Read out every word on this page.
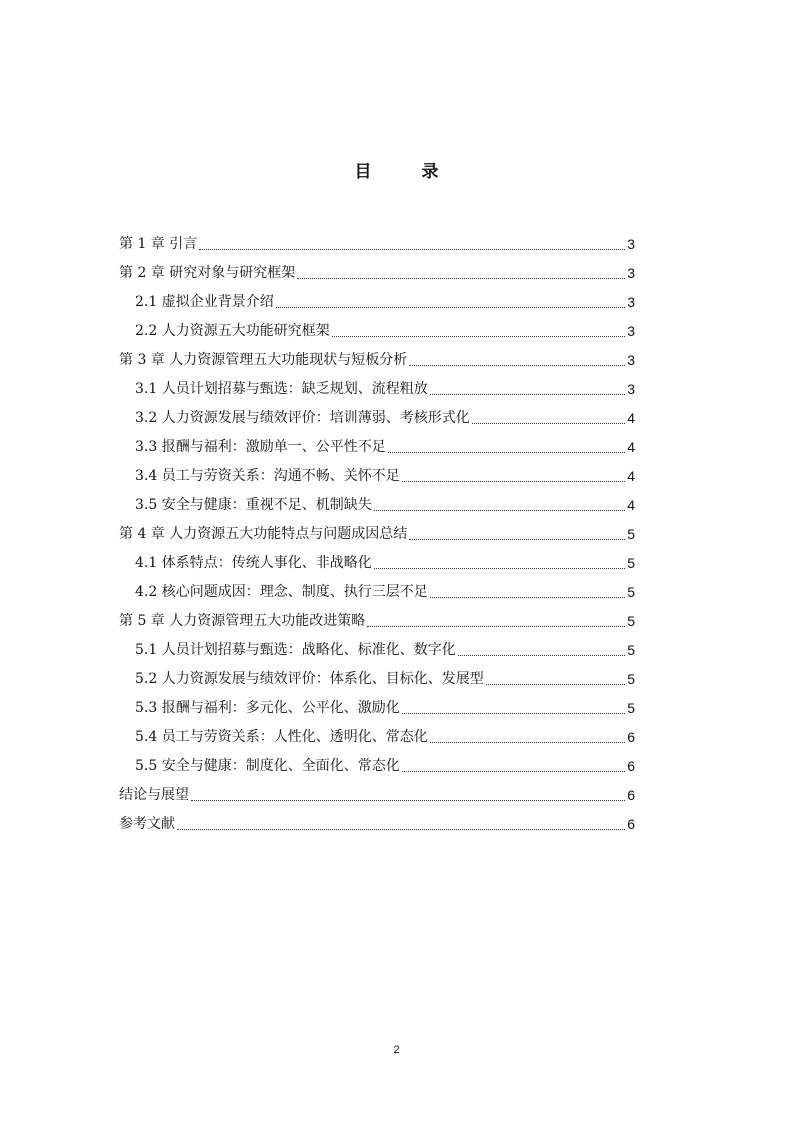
目 录
第 1 章 引言	3
第 2 章 研究对象与研究框架	3
2.1 虚拟企业背景介绍	3
2.2 人力资源五大功能研究框架	3
第 3 章 人力资源管理五大功能现状与短板分析	3
3.1 人员计划招募与甄选：缺乏规划、流程粗放	3
3.2 人力资源发展与绩效评价：培训薄弱、考核形式化	4
3.3 报酬与福利：激励单一、公平性不足	4
3.4 员工与劳资关系：沟通不畅、关怀不足	4
3.5 安全与健康：重视不足、机制缺失	4
第 4 章 人力资源五大功能特点与问题成因总结	5
4.1 体系特点：传统人事化、非战略化	5
4.2 核心问题成因：理念、制度、执行三层不足	5
第 5 章 人力资源管理五大功能改进策略	5
5.1 人员计划招募与甄选：战略化、标准化、数字化	5
5.2 人力资源发展与绩效评价：体系化、目标化、发展型	5
5.3 报酬与福利：多元化、公平化、激励化	5
5.4 员工与劳资关系：人性化、透明化、常态化	6
5.5 安全与健康：制度化、全面化、常态化	6
结论与展望	6
参考文献	6
2
